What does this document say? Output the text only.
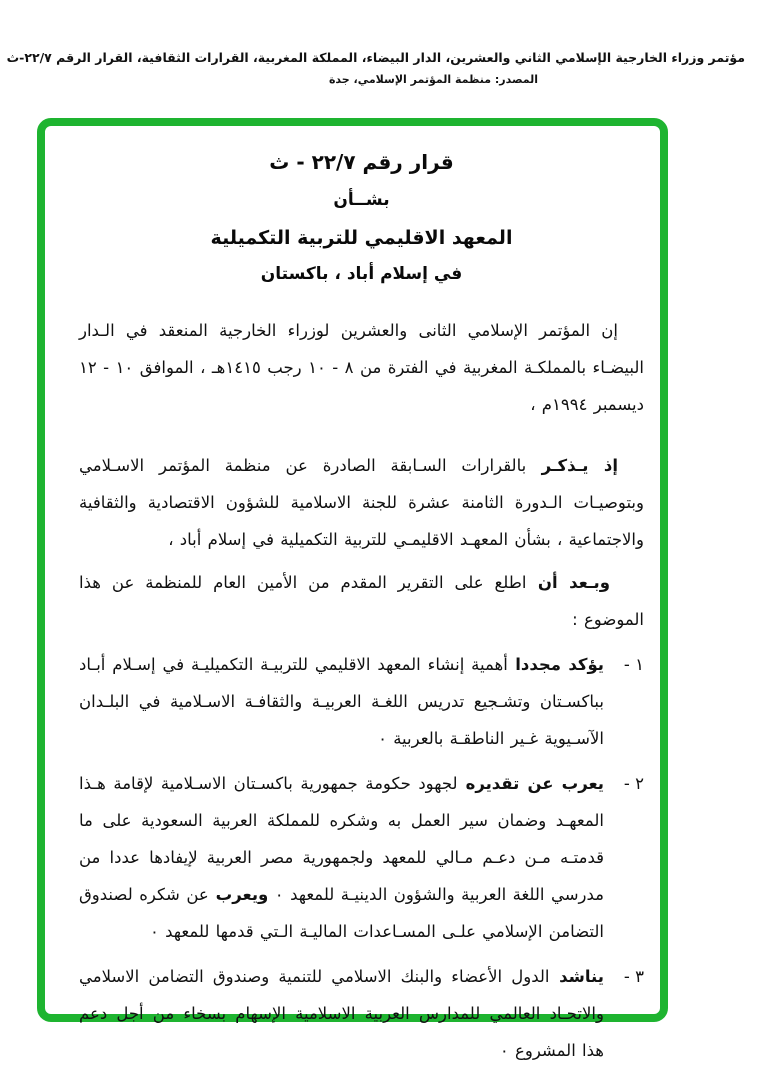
مؤتمر وزراء الخارجية الإسلامي الثاني والعشرين، الدار البيضاء، المملكة المغربية، القرارات الثقافية، القرار الرقم ٢٢/٧-ث
المصدر: منظمة المؤتمر الإسلامي، جدة
قرار رقم ٢٢/٧ - ث
بشــأن
المعهد الاقليمي للتربية التكميلية
في إسلام أباد ، باكستان

إن المؤتمر الإسلامي الثانى والعشرين لوزراء الخارجية المنعقد في الـدار البيضـاء بالمملكـة المغربية في الفترة من ٨ - ١٠ رجب ١٤١٥هـ ، الموافق ١٠ - ١٢ ديسمبر ١٩٩٤م ،

إذ يـذكـر بالقرارات السـابقة الصادرة عن منظمة المؤتمر الاسـلامي وبتوصيـات الـدورة الثامنة عشرة للجنة الاسلامية للشؤون الاقتصادية والثقافية والاجتماعية ، بشأن المعهـد الاقليمـي للتربية التكميلية في إسلام أباد ،

وبـعد أن اطلع على التقرير المقدم من الأمين العام للمنظمة عن هذا الموضوع :

١ -
يؤكد مجددا أهمية إنشاء المعهد الاقليمي للتربيـة التكميليـة في إسـلام أبـاد بباكسـتان وتشـجيع تدريس اللغـة العربيـة والثقافـة الاسـلامية في البلـدان الآسـيوية غـير الناطقـة بالعربية ٠
٢ -
يعرب عن تقديره لجهود حكومة جمهورية باكسـتان الاسـلامية لإقامة هـذا المعهـد وضمان سير العمل به وشكره للمملكة العربية السعودية على ما قدمتـه مـن دعـم مـالي للمعهد ولجمهورية مصر العربية لإيفادها عددا من مدرسي اللغة العربية والشؤون الدينيـة للمعهد ٠ ويعرب عن شكره لصندوق التضامن الإسلامي علـى المسـاعدات الماليـة الـتي قدمها للمعهد ٠
٣ -
يناشد الدول الأعضاء والبنك الاسلامي للتنمية وصندوق التضامن الاسلامي والاتحـاد العالمي للمدارس العربية الاسلامية الإسهام بسخاء من أجل دعم هذا المشروع ٠
